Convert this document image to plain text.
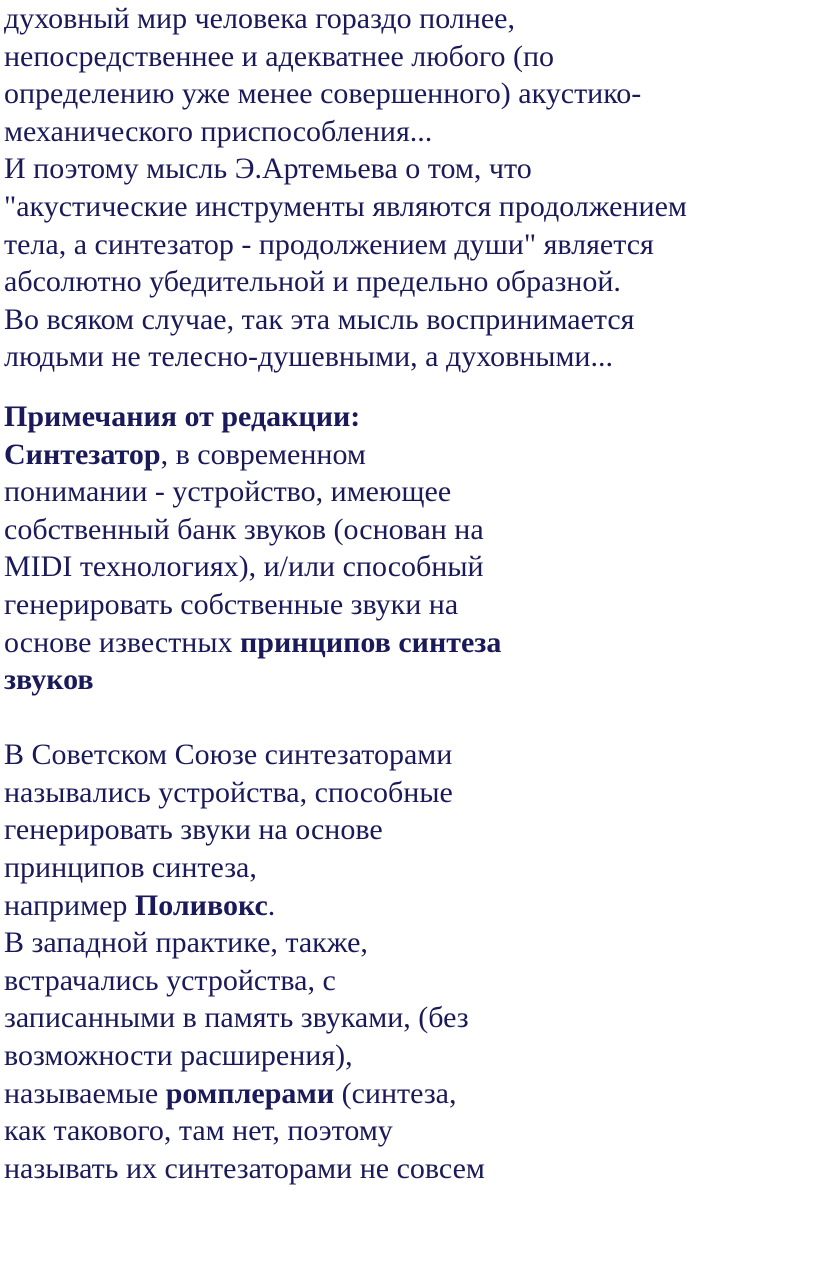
духовный мир человека гораздо полнее,
непосредственнее и адекватнее любого (по
определению уже менее совершенного) акустико-
механического приспособления...
И поэтому мысль Э.Артемьева о том, что
"акустические инструменты являются продолжением
тела, а синтезатор - продолжением души" является
абсолютно убедительной и предельно образной.
Во всяком случае, так эта мысль воспринимается
людьми не телесно-душевными, а духовными...
Примечания от редакции:
Синтезатор, в современном
понимании - устройство, имеющее
собственный банк звуков (основан на
MIDI технологиях), и/или способный
генерировать собственные звуки на
основе известных принципов синтеза
звуков
В Советском Союзе синтезаторами
назывались устройства, способные
генерировать звуки на основе
принципов синтеза,
например Поливокс.
В западной практике, также,
встрачались устройства, с
записанными в память звуками, (без
возможности расширения),
называемые ромплерами (синтеза,
как такового, там нет, поэтому
называть их синтезаторами не совсем
